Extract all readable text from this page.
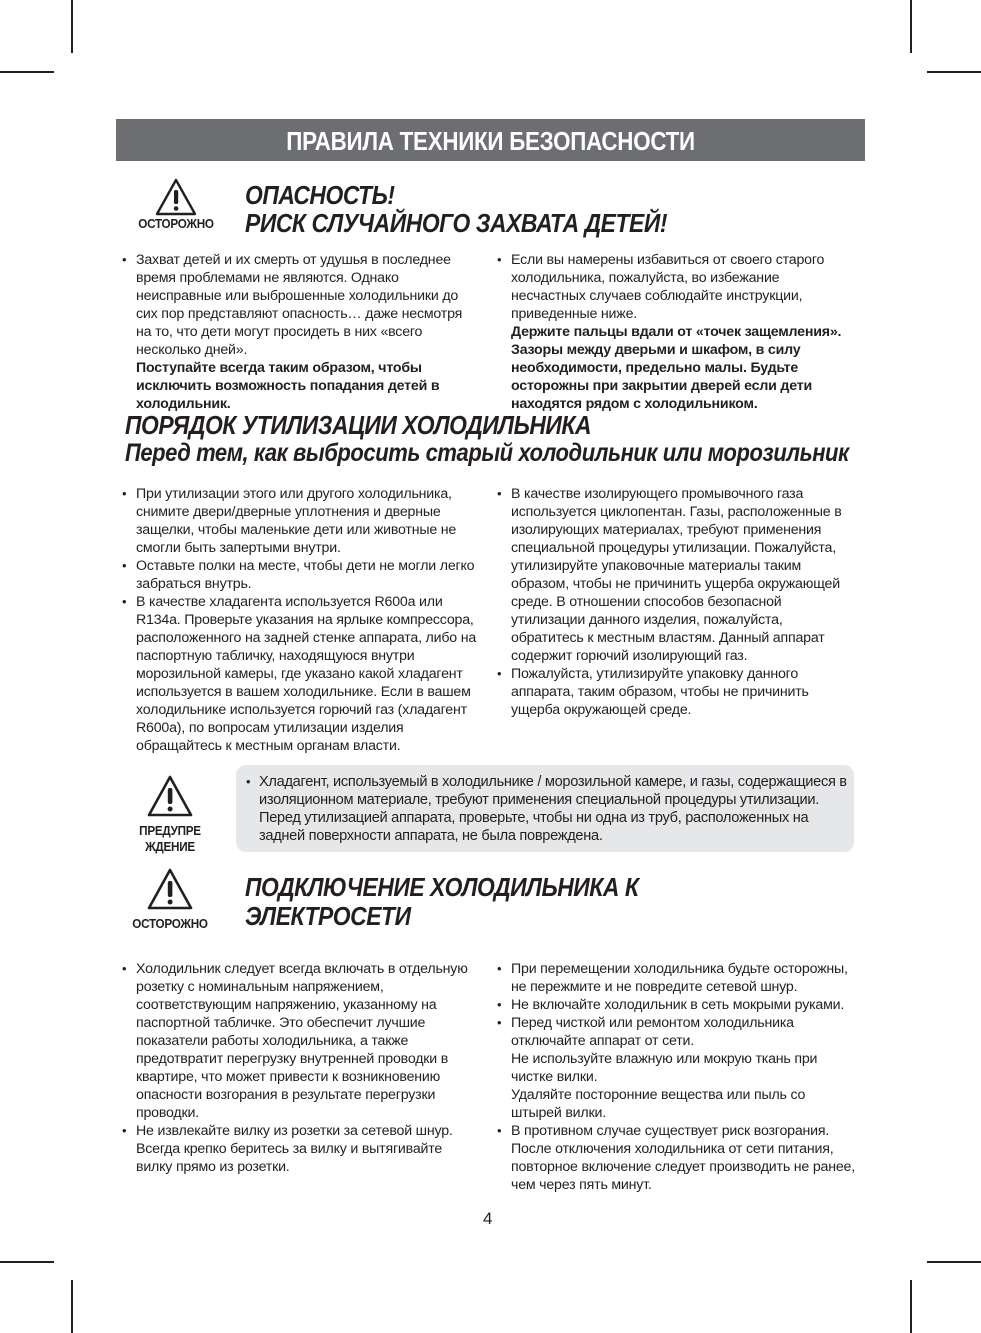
ПРАВИЛА ТЕХНИКИ БЕЗОПАСНОСТИ
ОСТОРОЖНО
ОПАСНОСТЬ!
РИСК СЛУЧАЙНОГО ЗАХВАТА ДЕТЕЙ!
• Захват детей и их смерть от удушья в последнее время проблемами не являются. Однако неисправные или выброшенные холодильники до сих пор представляют опасность… даже несмотря на то, что дети могут просидеть в них «всего несколько дней».
Поступайте всегда таким образом, чтобы исключить возможность попадания детей в холодильник.
• Если вы намерены избавиться от своего старого холодильника, пожалуйста, во избежание несчастных случаев соблюдайте инструкции, приведенные ниже.
Держите пальцы вдали от «точек защемления». Зазоры между дверьми и шкафом, в силу необходимости, предельно малы. Будьте осторожны при закрытии дверей если дети находятся рядом с холодильником.
ПОРЯДОК УТИЛИЗАЦИИ ХОЛОДИЛЬНИКА
Перед тем, как выбросить старый холодильник или морозильник
• При утилизации этого или другого холодильника, снимите двери/дверные уплотнения и дверные защелки, чтобы маленькие дети или животные не смогли быть запертыми внутри.
• Оставьте полки на месте, чтобы дети не могли легко забраться внутрь.
• В качестве хладагента используется R600a или R134a. Проверьте указания на ярлыке компрессора, расположенного на задней стенке аппарата, либо на паспортную табличку, находящуюся внутри морозильной камеры, где указано какой хладагент используется в вашем холодильнике. Если в вашем холодильнике используется горючий газ (хладагент R600a), по вопросам утилизации изделия обращайтесь к местным органам власти.
• В качестве изолирующего промывочного газа используется циклопентан. Газы, расположенные в изолирующих материалах, требуют применения специальной процедуры утилизации. Пожалуйста, утилизируйте упаковочные материалы таким образом, чтобы не причинить ущерба окружающей среде. В отношении способов безопасной утилизации данного изделия, пожалуйста, обратитесь к местным властям. Данный аппарат содержит горючий изолирующий газ.
• Пожалуйста, утилизируйте упаковку данного аппарата, таким образом, чтобы не причинить ущерба окружающей среде.
ПРЕДУПРЕ
ЖДЕНИЕ
• Хладагент, используемый в холодильнике / морозильной камере, и газы, содержащиеся в изоляционном материале, требуют применения специальной процедуры утилизации. Перед утилизацией аппарата, проверьте, чтобы ни одна из труб, расположенных на задней поверхности аппарата, не была повреждена.
ОСТОРОЖНО
ПОДКЛЮЧЕНИЕ ХОЛОДИЛЬНИКА К
ЭЛЕКТРОСЕТИ
• Холодильник следует всегда включать в отдельную розетку с номинальным напряжением, соответствующим напряжению, указанному на паспортной табличке. Это обеспечит лучшие показатели работы холодильника, а также предотвратит перегрузку внутренней проводки в квартире, что может привести к возникновению опасности возгорания в результате перегрузки проводки.
• Не извлекайте вилку из розетки за сетевой шнур. Всегда крепко беритесь за вилку и вытягивайте вилку прямо из розетки.
• При перемещении холодильника будьте осторожны, не пережмите и не повредите сетевой шнур.
• Не включайте холодильник в сеть мокрыми руками.
• Перед чисткой или ремонтом холодильника отключайте аппарат от сети.
Не используйте влажную или мокрую ткань при чистке вилки.
Удаляйте посторонние вещества или пыль со штырей вилки.
• В противном случае существует риск возгорания. После отключения холодильника от сети питания, повторное включение следует производить не ранее, чем через пять минут.
4
